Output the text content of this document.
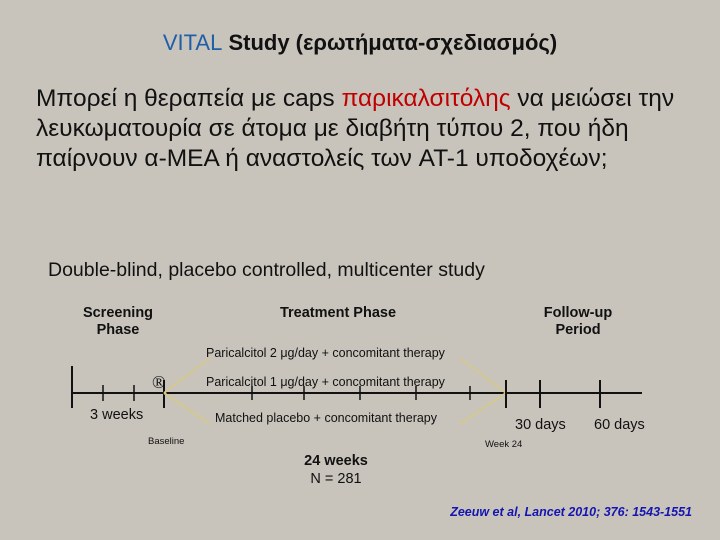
VITAL Study (ερωτήματα-σχεδιασμός)
Μπορεί η θεραπεία με caps παρικαλσιτόλης να μειώσει την λευκωματουρία σε άτομα με διαβήτη τύπου 2, που ήδη παίρνουν α-ΜΕΑ ή αναστολείς των AT-1 υποδοχέων;
Double-blind, placebo controlled, multicenter study
Screening
Phase
Treatment Phase	Follow-up
Period
®
Paricalcitol 2 μg/day + concomitant therapy
Paricalcitol 1 μg/day + concomitant therapy
Matched placebo + concomitant therapy
3 weeks
Baseline	Week 24
30 days 60 days
24 weeks
N = 281
Zeeuw et al, Lancet 2010; 376: 1543-1551
